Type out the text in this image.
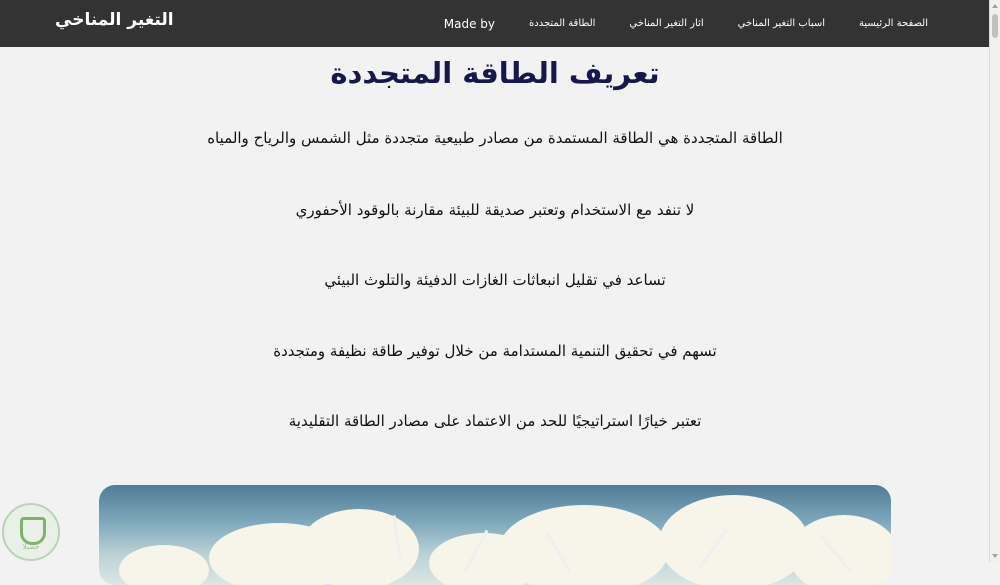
التغير المناخي	الصفحة الرئيسية
اسباب التغير المناخي
اثار التغير المناخي
الطاقة المتجددة
Made by
تعريف الطاقة المتجددة
الطاقة المتجددة هي الطاقة المستمدة من مصادر طبيعية متجددة مثل الشمس والرياح والمياه
لا تنفد مع الاستخدام وتعتبر صديقة للبيئة مقارنة بالوقود الأحفوري
تساعد في تقليل انبعاثات الغازات الدفيئة والتلوث البيئي
تسهم في تحقيق التنمية المستدامة من خلال توفير طاقة نظيفة ومتجددة
تعتبر خيارًا استراتيجيًا للحد من الاعتماد على مصادر الطاقة التقليدية
خضيلا
